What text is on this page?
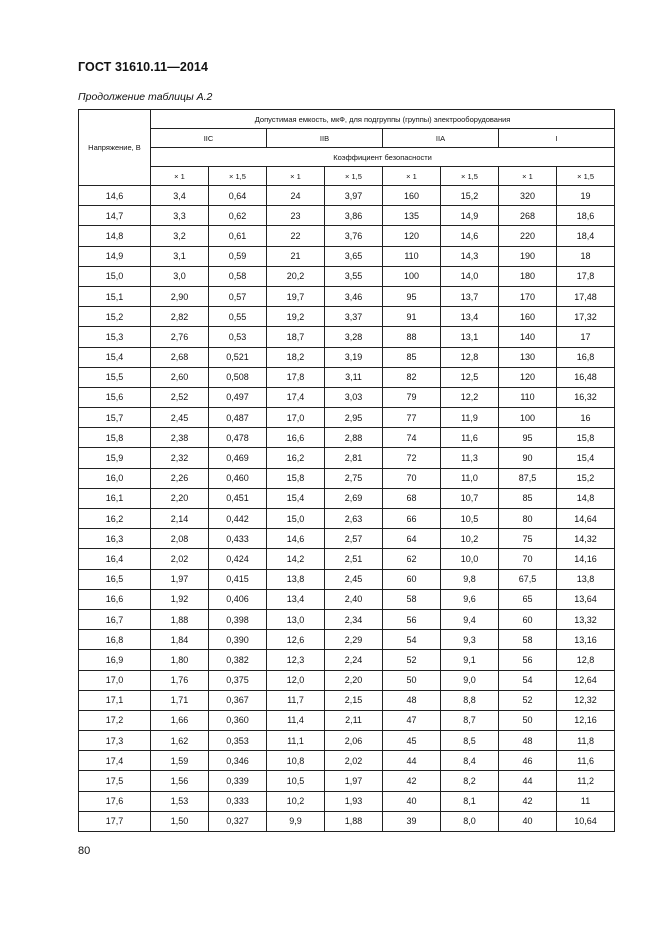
ГОСТ 31610.11—2014
Продолжение таблицы А.2
Напряжение, В	Допустимая емкость, мкФ, для подгруппы (группы) электрооборудования							
	IIC		IIB		IIA		I	
	Коэффициент безопасности							
	× 1	× 1,5	× 1	× 1,5	× 1	× 1,5	× 1	× 1,5
14,6	3,4	0,64	24	3,97	160	15,2	320	19
14,7	3,3	0,62	23	3,86	135	14,9	268	18,6
14,8	3,2	0,61	22	3,76	120	14,6	220	18,4
14,9	3,1	0,59	21	3,65	110	14,3	190	18
15,0	3,0	0,58	20,2	3,55	100	14,0	180	17,8
15,1	2,90	0,57	19,7	3,46	95	13,7	170	17,48
15,2	2,82	0,55	19,2	3,37	91	13,4	160	17,32
15,3	2,76	0,53	18,7	3,28	88	13,1	140	17
15,4	2,68	0,521	18,2	3,19	85	12,8	130	16,8
15,5	2,60	0,508	17,8	3,11	82	12,5	120	16,48
15,6	2,52	0,497	17,4	3,03	79	12,2	110	16,32
15,7	2,45	0,487	17,0	2,95	77	11,9	100	16
15,8	2,38	0,478	16,6	2,88	74	11,6	95	15,8
15,9	2,32	0,469	16,2	2,81	72	11,3	90	15,4
16,0	2,26	0,460	15,8	2,75	70	11,0	87,5	15,2
16,1	2,20	0,451	15,4	2,69	68	10,7	85	14,8
16,2	2,14	0,442	15,0	2,63	66	10,5	80	14,64
16,3	2,08	0,433	14,6	2,57	64	10,2	75	14,32
16,4	2,02	0,424	14,2	2,51	62	10,0	70	14,16
16,5	1,97	0,415	13,8	2,45	60	9,8	67,5	13,8
16,6	1,92	0,406	13,4	2,40	58	9,6	65	13,64
16,7	1,88	0,398	13,0	2,34	56	9,4	60	13,32
16,8	1,84	0,390	12,6	2,29	54	9,3	58	13,16
16,9	1,80	0,382	12,3	2,24	52	9,1	56	12,8
17,0	1,76	0,375	12,0	2,20	50	9,0	54	12,64
17,1	1,71	0,367	11,7	2,15	48	8,8	52	12,32
17,2	1,66	0,360	11,4	2,11	47	8,7	50	12,16
17,3	1,62	0,353	11,1	2,06	45	8,5	48	11,8
17,4	1,59	0,346	10,8	2,02	44	8,4	46	11,6
17,5	1,56	0,339	10,5	1,97	42	8,2	44	11,2
17,6	1,53	0,333	10,2	1,93	40	8,1	42	11
17,7	1,50	0,327	9,9	1,88	39	8,0	40	10,64
80
